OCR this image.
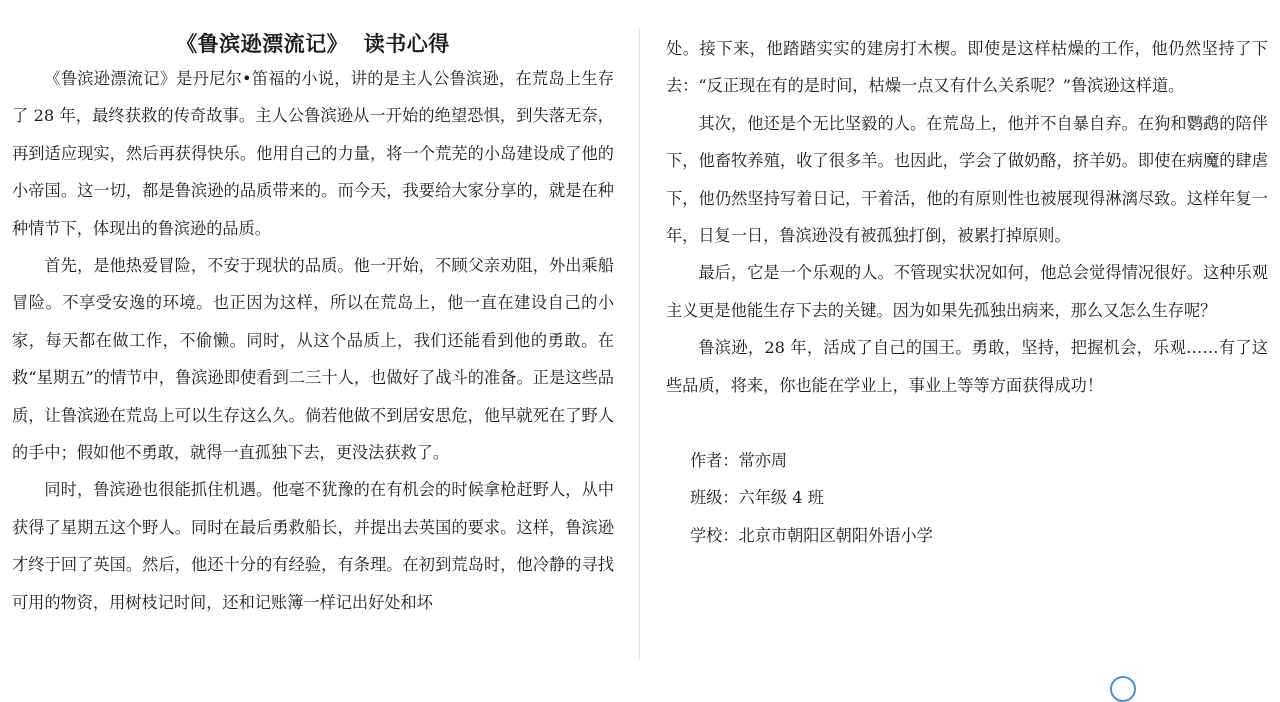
《鲁滨逊漂流记》  读书心得

《鲁滨逊漂流记》是丹尼尔•笛福的小说，讲的是主人公鲁滨逊，在荒岛上生存了 28 年，最终获救的传奇故事。主人公鲁滨逊从一开始的绝望恐惧，到失落无奈，再到适应现实，然后再获得快乐。他用自己的力量，将一个荒芜的小岛建设成了他的小帝国。这一切，都是鲁滨逊的品质带来的。而今天，我要给大家分享的，就是在种种情节下，体现出的鲁滨逊的品质。

首先，是他热爱冒险，不安于现状的品质。他一开始，不顾父亲劝阻，外出乘船冒险。不享受安逸的环境。也正因为这样，所以在荒岛上，他一直在建设自己的小家，每天都在做工作，不偷懒。同时，从这个品质上，我们还能看到他的勇敢。在救“星期五”的情节中，鲁滨逊即使看到二三十人，也做好了战斗的准备。正是这些品质，让鲁滨逊在荒岛上可以生存这么久。倘若他做不到居安思危，他早就死在了野人的手中；假如他不勇敢，就得一直孤独下去，更没法获救了。

同时，鲁滨逊也很能抓住机遇。他毫不犹豫的在有机会的时候拿枪赶野人，从中获得了星期五这个野人。同时在最后勇救船长，并提出去英国的要求。这样，鲁滨逊才终于回了英国。然后，他还十分的有经验，有条理。在初到荒岛时，他冷静的寻找可用的物资，用树枝记时间，还和记账簿一样记出好处和坏

处。接下来，他踏踏实实的建房打木楔。即使是这样枯燥的工作，他仍然坚持了下去：“反正现在有的是时间，枯燥一点又有什么关系呢？”鲁滨逊这样道。

其次，他还是个无比坚毅的人。在荒岛上，他并不自暴自弃。在狗和鹦鹉的陪伴下，他畜牧养殖，收了很多羊。也因此，学会了做奶酪，挤羊奶。即使在病魔的肆虐下，他仍然坚持写着日记，干着活，他的有原则性也被展现得淋漓尽致。这样年复一年，日复一日，鲁滨逊没有被孤独打倒，被累打掉原则。

最后，它是一个乐观的人。不管现实状况如何，他总会觉得情况很好。这种乐观主义更是他能生存下去的关键。因为如果先孤独出病来，那么又怎么生存呢？

鲁滨逊，28 年，活成了自己的国王。勇敢，坚持，把握机会，乐观……有了这些品质，将来，你也能在学业上，事业上等等方面获得成功！

作者：常亦周
班级：六年级 4 班
学校：北京市朝阳区朝阳外语小学
